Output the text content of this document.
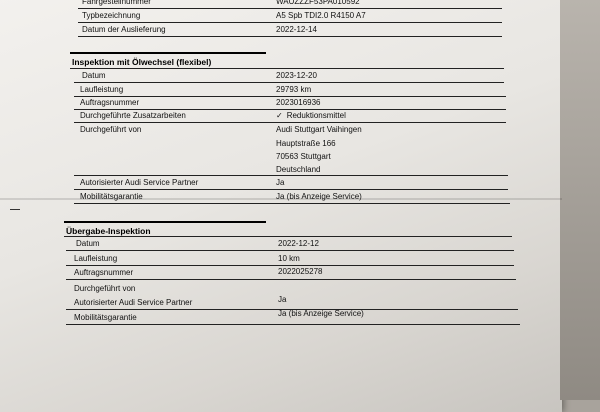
Fahrgestellnummer	WAUZZZF53PA010592
Typbezeichnung	A5 Spb TDI2.0 R4150 A7
Datum der Auslieferung	2022-12-14
Inspektion mit Ölwechsel (flexibel)
Datum	2023-12-20
Laufleistung	29793 km
Auftragsnummer	2023016936
Durchgeführte Zusatzarbeiten	✓ Reduktionsmittel
Durchgeführt von	Audi Stuttgart Vaihingen
Hauptstraße 166
70563 Stuttgart
Deutschland
Autorisierter Audi Service Partner	Ja
Mobilitätsgarantie	Ja (bis Anzeige Service)
Übergabe-Inspektion
Datum	2022-12-12
Laufleistung	10 km
Auftragsnummer	2022025278
Durchgeführt von
Autorisierter Audi Service Partner	Ja
Mobilitätsgarantie	Ja (bis Anzeige Service)
